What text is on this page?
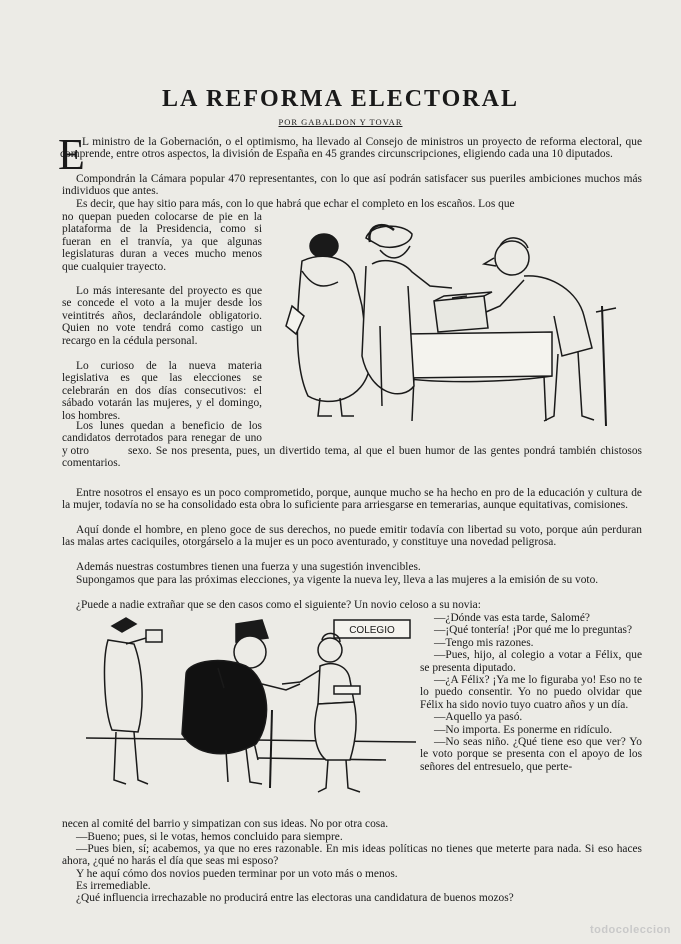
LA REFORMA ELECTORAL
POR GABALDON Y TOVAR
E

L ministro de la Gobernación, o el optimismo, ha llevado al Consejo de ministros un proyecto de reforma electoral, que comprende, entre otros aspectos, la división de España en 45 grandes circunscripciones, eligiendo cada una 10 diputados.

Compondrán la Cámara popular 470 representantes, con lo que así podrán satisfacer sus pueriles ambiciones muchos más individuos que antes.

Es decir, que hay sitio para más, con lo que habrá que echar el completo en los escaños. Los que

no quepan pueden colocarse de pie en la plataforma de la Presidencia, como si fueran en el tranvía, ya que algunas legislaturas duran a veces mucho menos que cualquier trayecto.

Lo más interesante del proyecto es que se concede el voto a la mujer desde los veintitrés años, declarándole obligatorio. Quien no vote tendrá como castigo un recargo en la cédula personal.

Lo curioso de la nueva materia legislativa es que las elecciones se celebrarán en dos días consecutivos: el sábado votarán las mujeres, y el domingo, los hombres.

Los lunes quedan a beneficio de los candidatos derrotados para renegar de uno y otro	sexo. Se nos presenta, pues, un divertido tema, al que el buen humor de las gentes pondrá también chistosos comentarios.

Entre nosotros el ensayo es un poco comprometido, porque, aunque mucho se ha hecho en pro de la educación y cultura de la mujer, todavía no se ha consolidado esta obra lo suficiente para arriesgarse en temerarias, aunque equitativas, comisiones.

Aquí donde el hombre, en pleno goce de sus derechos, no puede emitir todavía con libertad su voto, porque aún perduran las malas artes caciquiles, otorgárselo a la mujer es un poco aventurado, y constituye una novedad peligrosa.

Además nuestras costumbres tienen una fuerza y una sugestión invencibles.

Supongamos que para las próximas elecciones, ya vigente la nueva ley, lleva a las mujeres a la emisión de su voto.

¿Puede a nadie extrañar que se den casos como el siguiente? Un novio celoso a su novia:

COLEGIO
—¿Dónde vas esta tarde, Salomé?
—¡Qué tontería! ¡Por qué me lo preguntas?
—Tengo mis razones.
—Pues, hijo, al colegio a votar a Félix, que se presenta diputado.
—¿A Félix? ¡Ya me lo figuraba yo! Eso no te lo puedo consentir. Yo no puedo olvidar que Félix ha sido novio tuyo cuatro años y un día.
—Aquello ya pasó.
—No importa. Es ponerme en ridículo.
—No seas niño. ¿Qué tiene eso que ver? Yo le voto porque se presenta con el apoyo de los señores del entresuelo, que perte-

necen al comité del barrio y simpatizan con sus ideas. No por otra cosa.

—Bueno; pues, si le votas, hemos concluido para siempre.

—Pues bien, sí; acabemos, ya que no eres razonable. En mis ideas políticas no tienes que meterte para nada. Si eso haces ahora, ¿qué no harás el día que seas mi esposo?

Y he aquí cómo dos novios pueden terminar por un voto más o menos.

Es irremediable.

¿Qué influencia irrechazable no producirá entre las electoras una candidatura de buenos mozos?

todocoleccion
